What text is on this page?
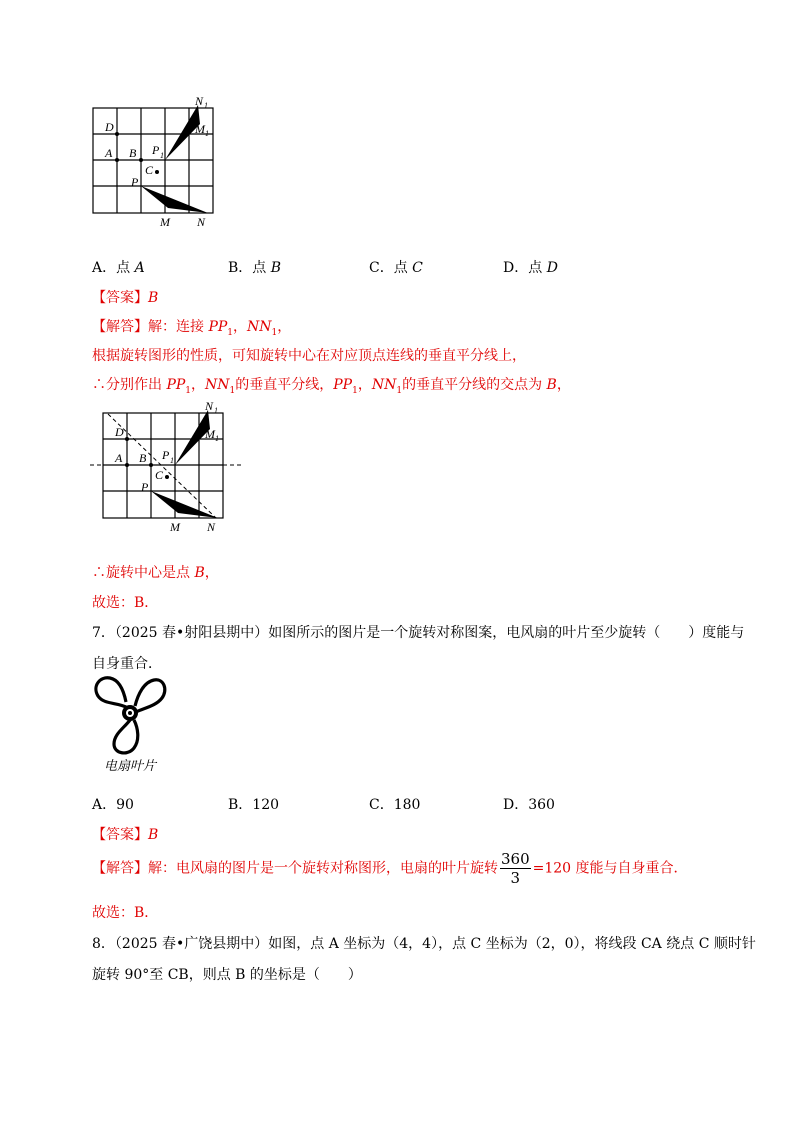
N 1
M 1
D
A B P 1
C
P
M N
A．点 A	B．点 B	C．点 C	D．点 D
【答案】B
【解答】解：连接 $PP_1$，$NN_1$，
根据旋转图形的性质，可知旋转中心在对应顶点连线的垂直平分线上，
∴分别作出 $PP_1$，$NN_1$的垂直平分线，$PP_1$，$NN_1$的垂直平分线的交点为 B，
N 1
M 1
D
A B P 1
C
P
M N
∴旋转中心是点 B，
故选：B．
7．（2025 春•射阳县期中）如图所示的图片是一个旋转对称图案，电风扇的叶片至少旋转（　　）度能与
自身重合．
电扇叶片
A．90	B．120	C．180	D．360
【答案】B
【解答】解：电风扇的图片是一个旋转对称图形，电扇的叶片旋转 $\frac{360}{3} =120$ 度能与自身重合．
故选：B．
8．（2025 春•广饶县期中）如图，点 A 坐标为（4，4），点 C 坐标为（2，0），将线段 CA 绕点 C 顺时针
旋转 90°至 CB，则点 B 的坐标是（　　）
